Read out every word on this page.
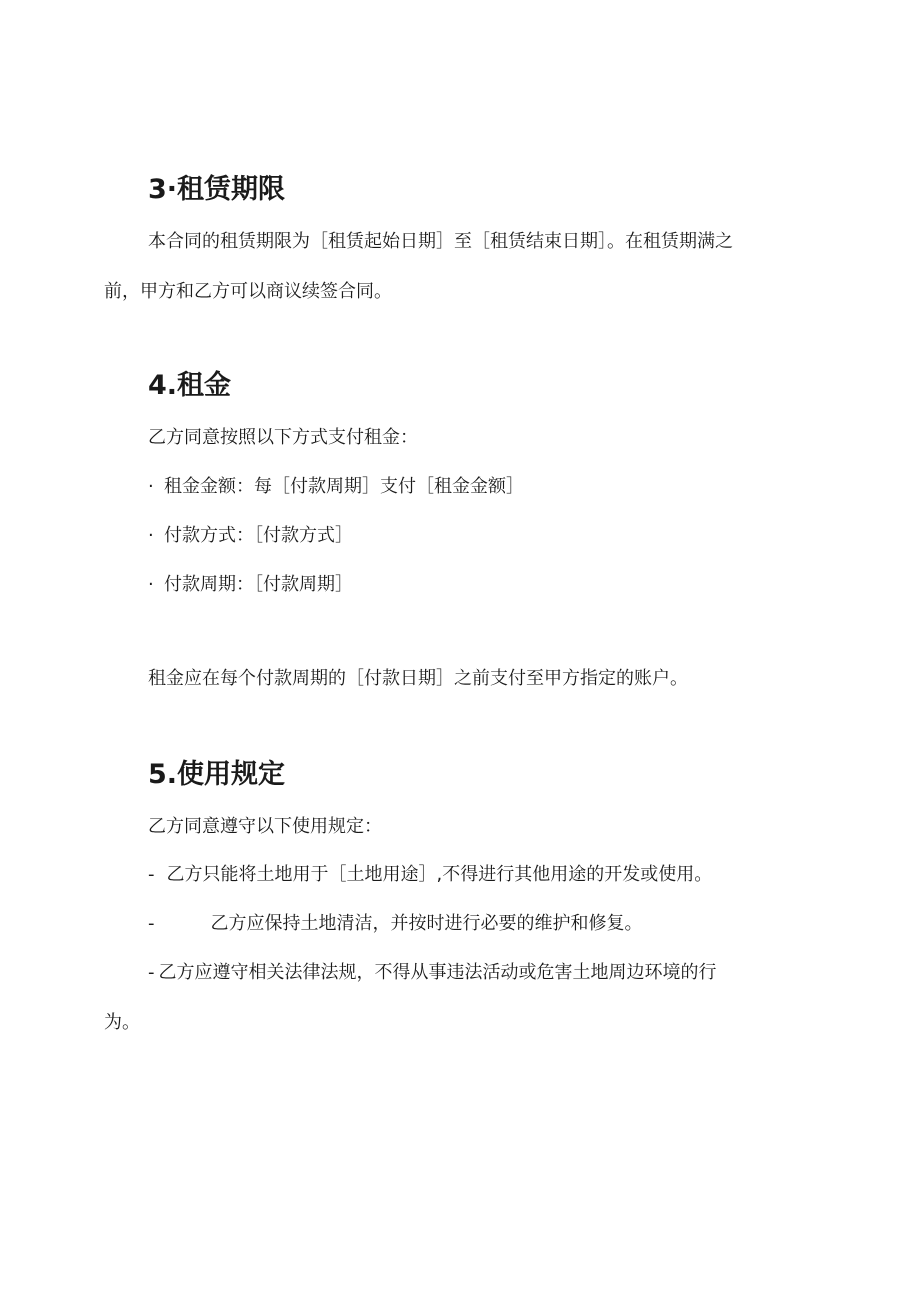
3·租赁期限

本合同的租赁期限为［租赁起始日期］至［租赁结束日期］。在租赁期满之

前，甲方和乙方可以商议续签合同。

4.租金

乙方同意按照以下方式支付租金：

· 租金金额：每［付款周期］支付［租金金额］

· 付款方式：［付款方式］

· 付款周期：［付款周期］

租金应在每个付款周期的［付款日期］之前支付至甲方指定的账户。

5.使用规定

乙方同意遵守以下使用规定：

- 乙方只能将土地用于［土地用途］,不得进行其他用途的开发或使用。

-	乙方应保持土地清洁，并按时进行必要的维护和修复。

- 乙方应遵守相关法律法规，不得从事违法活动或危害土地周边环境的行

为。
